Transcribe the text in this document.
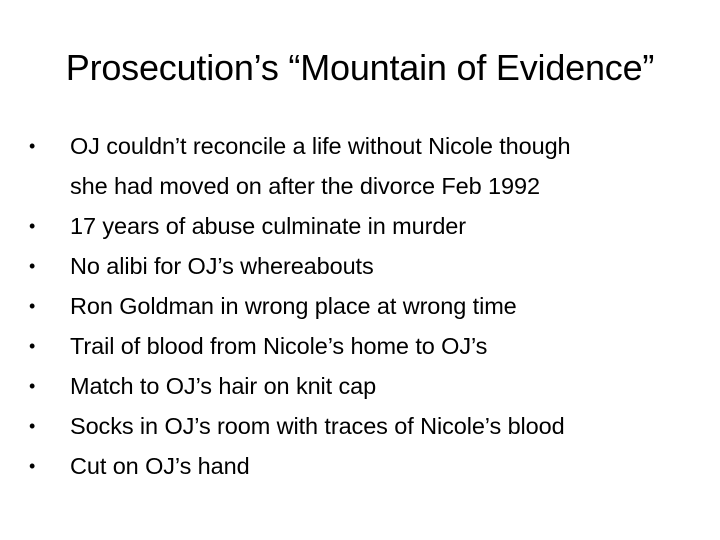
Prosecution’s “Mountain of Evidence”
•	OJ couldn’t reconcile a life without Nicole though
she had moved on after the divorce Feb 1992
•	17 years of abuse culminate in murder
•	No alibi for OJ’s whereabouts
•	Ron Goldman in wrong place at wrong time
•	Trail of blood from Nicole’s home to OJ’s
•	Match to OJ’s hair on knit cap
•	Socks in OJ’s room with traces of Nicole’s blood
•	Cut on OJ’s hand
